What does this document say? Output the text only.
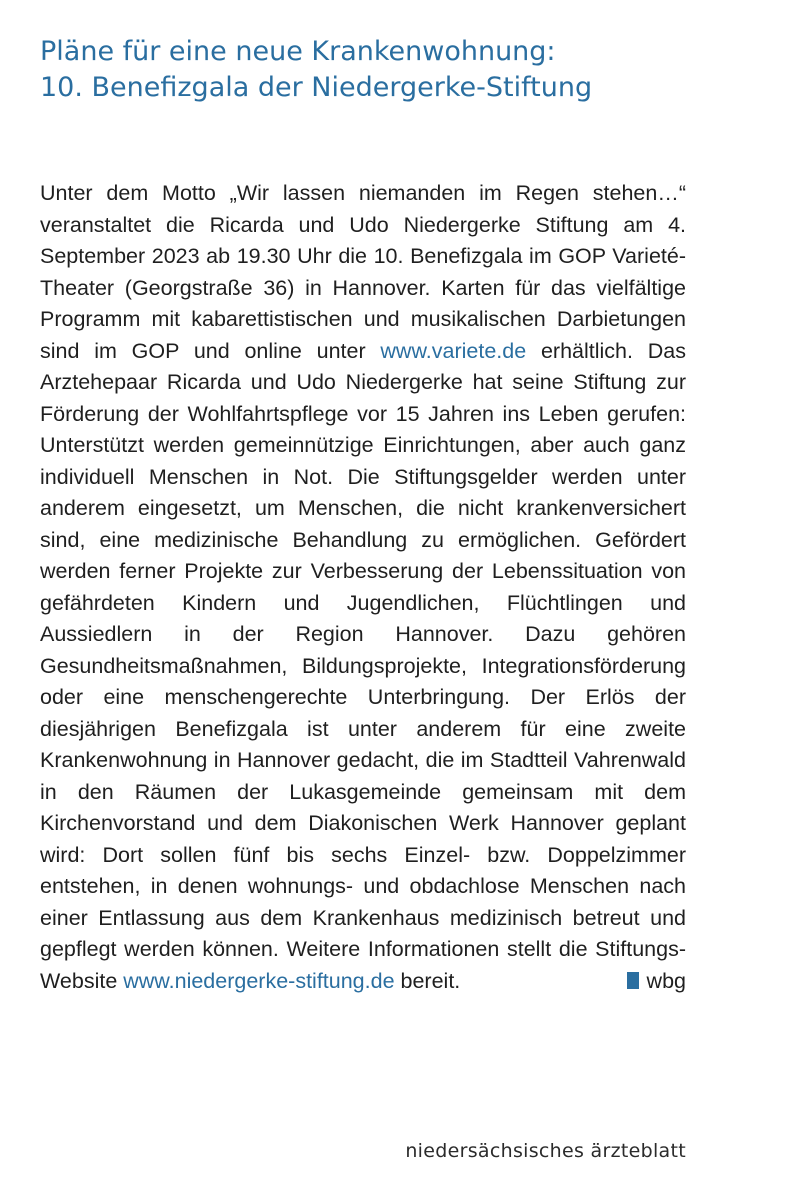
Pläne für eine neue Krankenwohnung:
10. Benefizgala der Niedergerke-Stiftung

Unter dem Motto „Wir lassen niemanden im Regen stehen…“ veranstaltet die Ricarda und Udo Niedergerke Stiftung am 4. September 2023 ab 19.30 Uhr die 10. Benefizgala im GOP Varieté-Theater (Georgstraße 36) in Hannover. Karten für das vielfältige Programm mit kabarettistischen und musikalischen Darbietungen sind im GOP und online unter www.variete.de erhältlich. Das Arztehepaar Ricarda und Udo Niedergerke hat seine Stiftung zur Förderung der Wohlfahrtspflege vor 15 Jahren ins Leben gerufen: Unterstützt werden gemeinnützige Einrichtungen, aber auch ganz individuell Menschen in Not. Die Stiftungsgelder werden unter anderem eingesetzt, um Menschen, die nicht krankenversichert sind, eine medizinische Behandlung zu ermöglichen. Gefördert werden ferner Projekte zur Verbesserung der Lebenssituation von gefährdeten Kindern und Jugendlichen, Flüchtlingen und Aussiedlern in der Region Hannover. Dazu gehören Gesundheitsmaßnahmen, Bildungsprojekte, Integrationsförderung oder eine menschengerechte Unterbringung. Der Erlös der diesjährigen Benefizgala ist unter anderem für eine zweite Krankenwohnung in Hannover gedacht, die im Stadtteil Vahrenwald in den Räumen der Lukasgemeinde gemeinsam mit dem Kirchenvorstand und dem Diakonischen Werk Hannover geplant wird: Dort sollen fünf bis sechs Einzel- bzw. Doppelzimmer entstehen, in denen wohnungs- und obdachlose Menschen nach einer Entlassung aus dem Krankenhaus medizinisch betreut und gepflegt werden können. Weitere Informationen stellt die Stiftungs-Website www.niedergerke-stiftung.de bereit.	wbg

niedersächsisches ärzteblatt
